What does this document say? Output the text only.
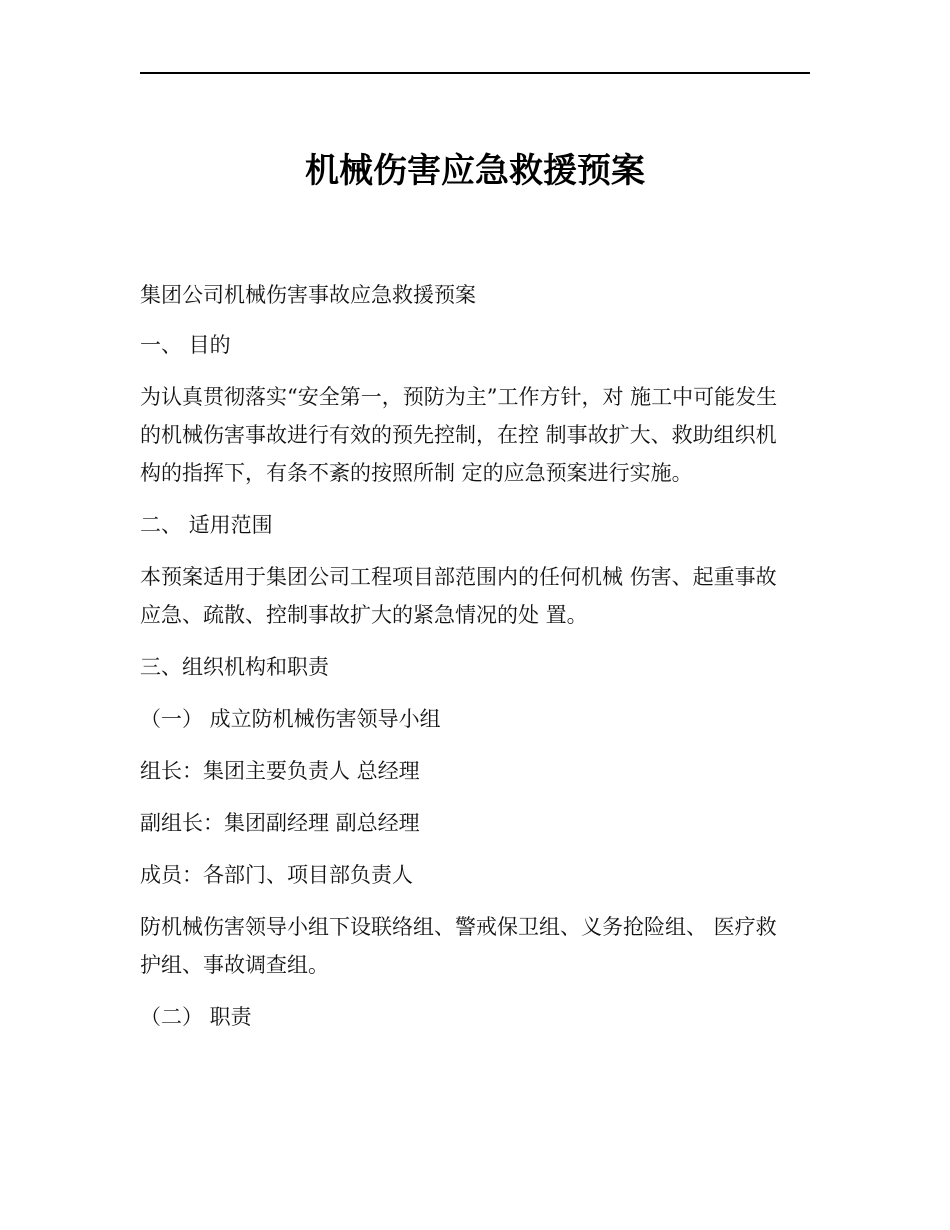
机械伤害应急救援预案

集团公司机械伤害事故应急救援预案

一、 目的

为认真贯彻落实“安全第一，预防为主”工作方针，对 施工中可能发生
的机械伤害事故进行有效的预先控制，在控 制事故扩大、救助组织机
构的指挥下，有条不紊的按照所制 定的应急预案进行实施。

二、 适用范围

本预案适用于集团公司工程项目部范围内的任何机械 伤害、起重事故
应急、疏散、控制事故扩大的紧急情况的处 置。

三、组织机构和职责

（一） 成立防机械伤害领导小组

组长：集团主要负责人 总经理

副组长：集团副经理 副总经理

成员：各部门、项目部负责人

防机械伤害领导小组下设联络组、警戒保卫组、义务抢险组、 医疗救
护组、事故调查组。

（二） 职责
